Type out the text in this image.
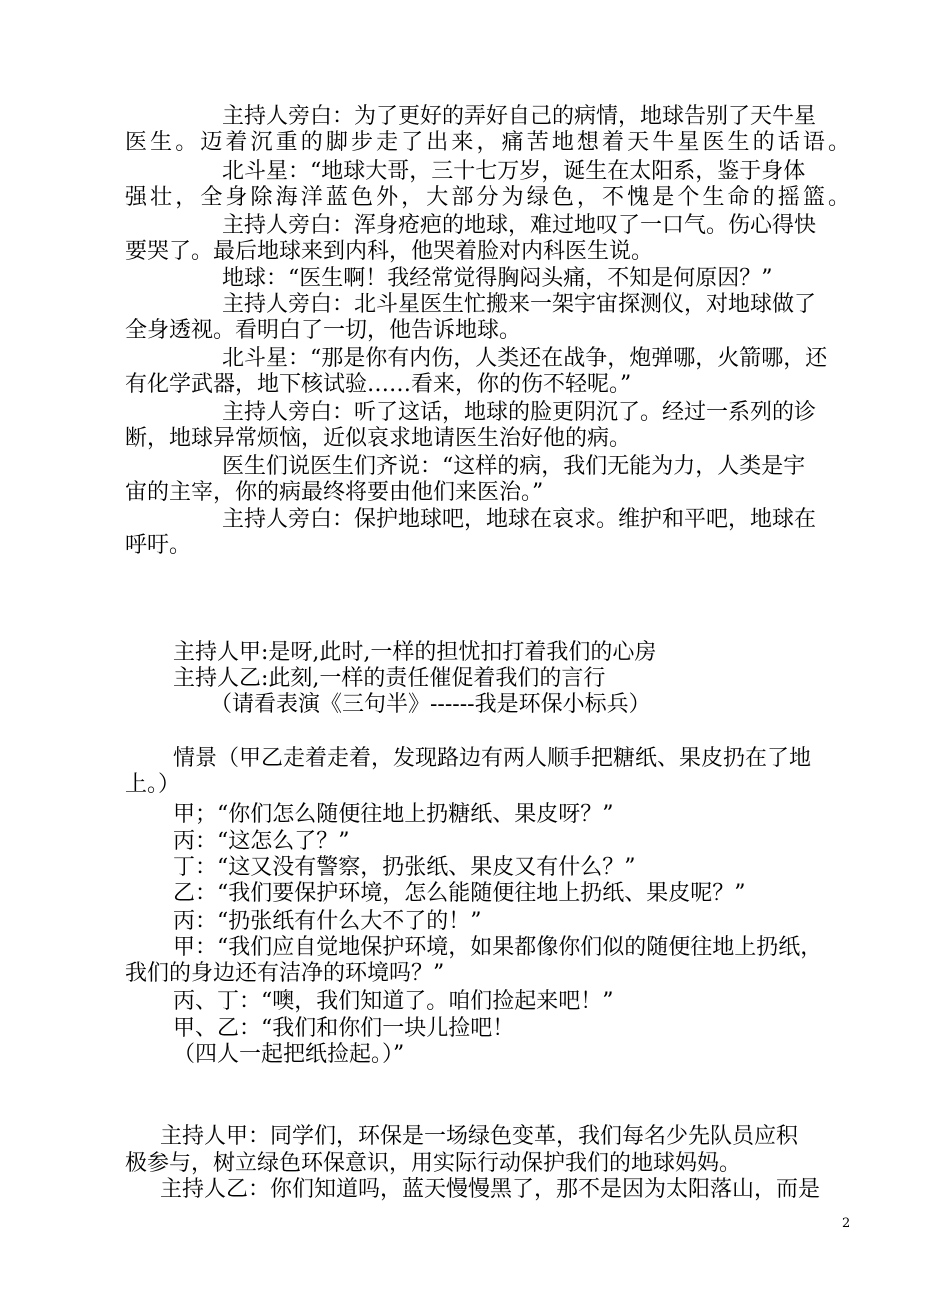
主持人旁白：为了更好的弄好自己的病情，地球告别了天牛星
医生。迈着沉重的脚步走了出来，痛苦地想着天牛星医生的话语。
北斗星：“地球大哥，三十七万岁，诞生在太阳系，鉴于身体
强壮，全身除海洋蓝色外，大部分为绿色，不愧是个生命的摇篮。
主持人旁白：浑身疮疤的地球，难过地叹了一口气。伤心得快
要哭了。最后地球来到内科，他哭着脸对内科医生说。
地球：“医生啊！我经常觉得胸闷头痛，不知是何原因？”
主持人旁白：北斗星医生忙搬来一架宇宙探测仪，对地球做了
全身透视。看明白了一切，他告诉地球。
北斗星：“那是你有内伤，人类还在战争，炮弹哪，火箭哪，还
有化学武器，地下核试验……看来，你的伤不轻呢。”
主持人旁白：听了这话，地球的脸更阴沉了。经过一系列的诊
断，地球异常烦恼，近似哀求地请医生治好他的病。
医生们说医生们齐说：“这样的病，我们无能为力，人类是宇
宙的主宰，你的病最终将要由他们来医治。”
主持人旁白：保护地球吧，地球在哀求。维护和平吧，地球在
呼吁。
主持人甲:是呀,此时,一样的担忧扣打着我们的心房
主持人乙:此刻,一样的责任催促着我们的言行
（请看表演《三句半》------我是环保小标兵）
情景（甲乙走着走着，发现路边有两人顺手把糖纸、果皮扔在了地
上。）
甲；“你们怎么随便往地上扔糖纸、果皮呀？”
丙：“这怎么了？”
丁：“这又没有警察，扔张纸、果皮又有什么？”
乙：“我们要保护环境，怎么能随便往地上扔纸、果皮呢？”
丙：“扔张纸有什么大不了的！”
甲：“我们应自觉地保护环境，如果都像你们似的随便往地上扔纸，
我们的身边还有洁净的环境吗？”
丙、丁：“噢，我们知道了。咱们捡起来吧！”
甲、乙：“我们和你们一块儿捡吧！
（四人一起把纸捡起。）”
主持人甲：同学们，环保是一场绿色变革，我们每名少先队员应积
极参与，树立绿色环保意识，用实际行动保护我们的地球妈妈。
主持人乙：你们知道吗，蓝天慢慢黑了，那不是因为太阳落山，而是
2
